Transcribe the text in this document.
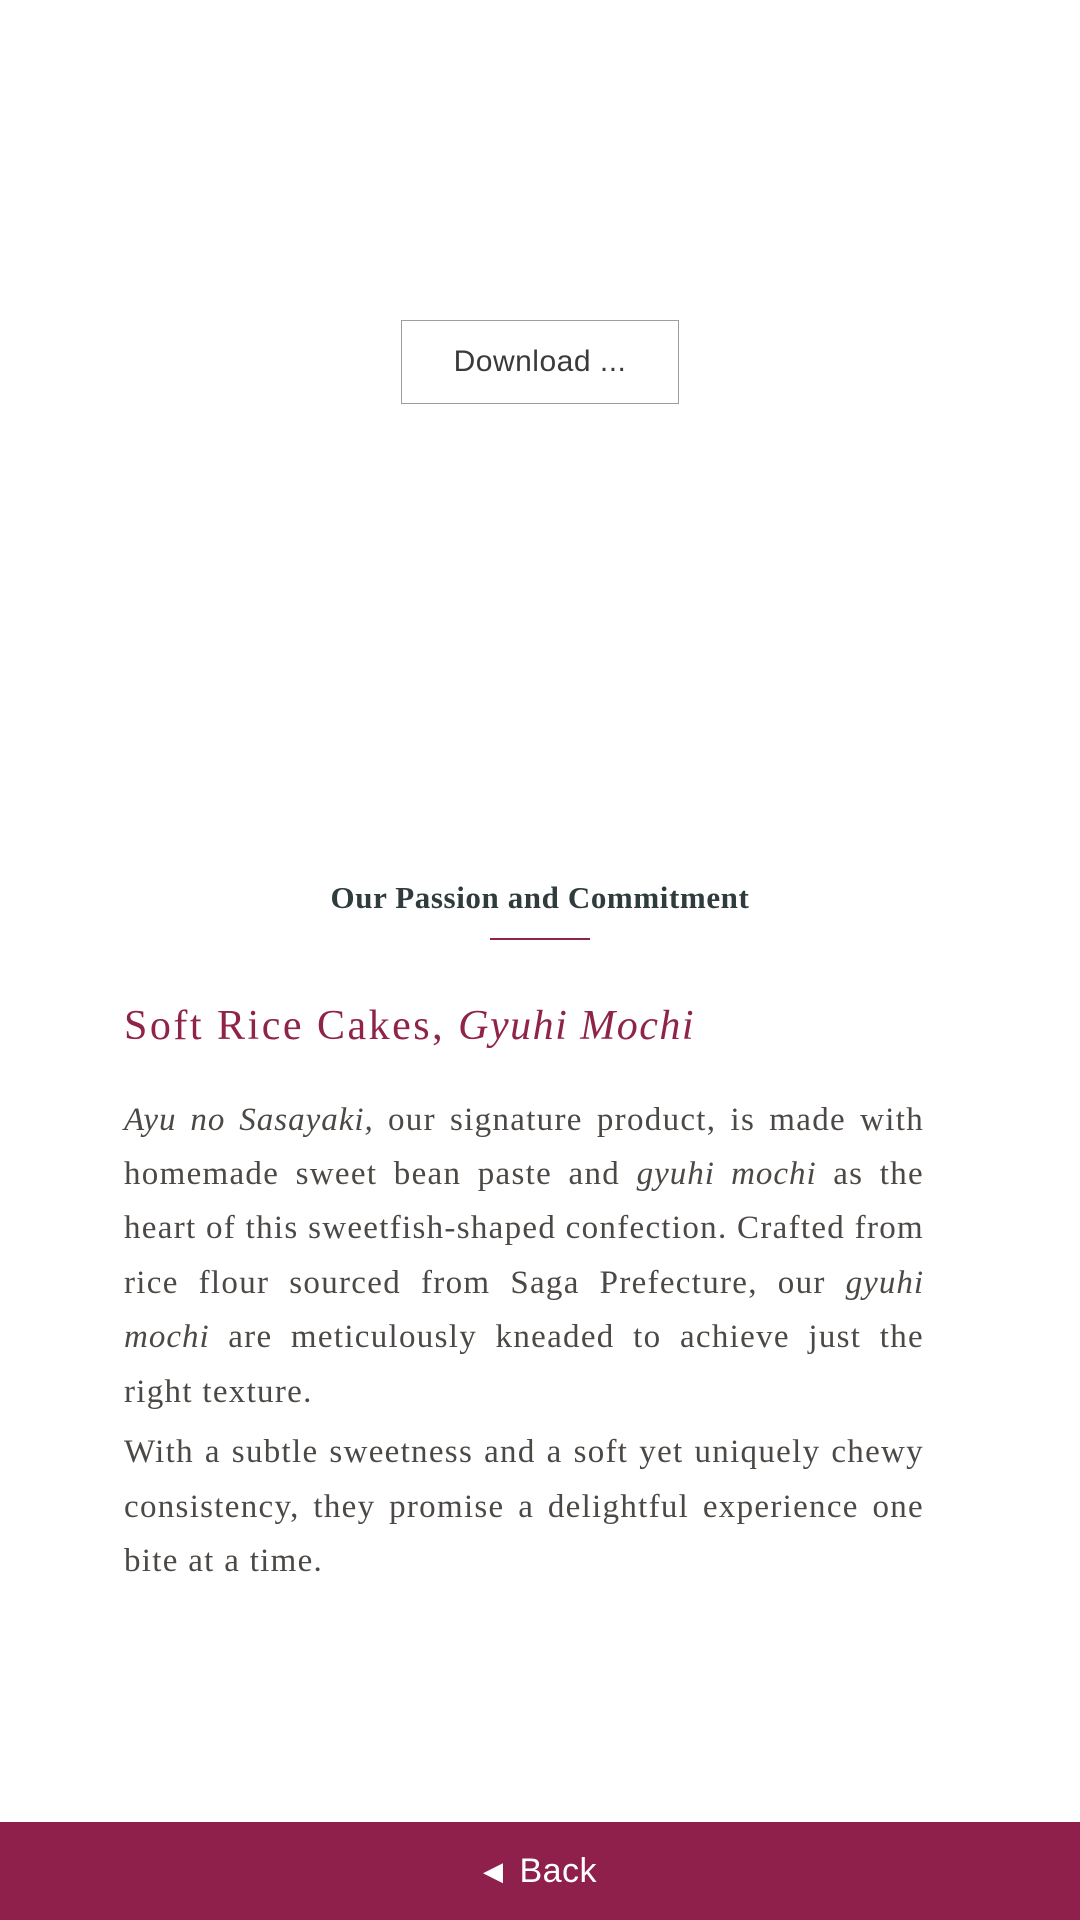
Download ...
Our Passion and Commitment
Soft Rice Cakes, Gyuhi Mochi

Ayu no Sasayaki, our signature product, is made with homemade sweet bean paste and gyuhi mochi as the heart of this sweetfish-shaped confection. Crafted from rice flour sourced from Saga Prefecture, our gyuhi mochi are meticulously kneaded to achieve just the right texture.

With a subtle sweetness and a soft yet uniquely chewy consistency, they promise a delightful experience one bite at a time.

◀ Back
